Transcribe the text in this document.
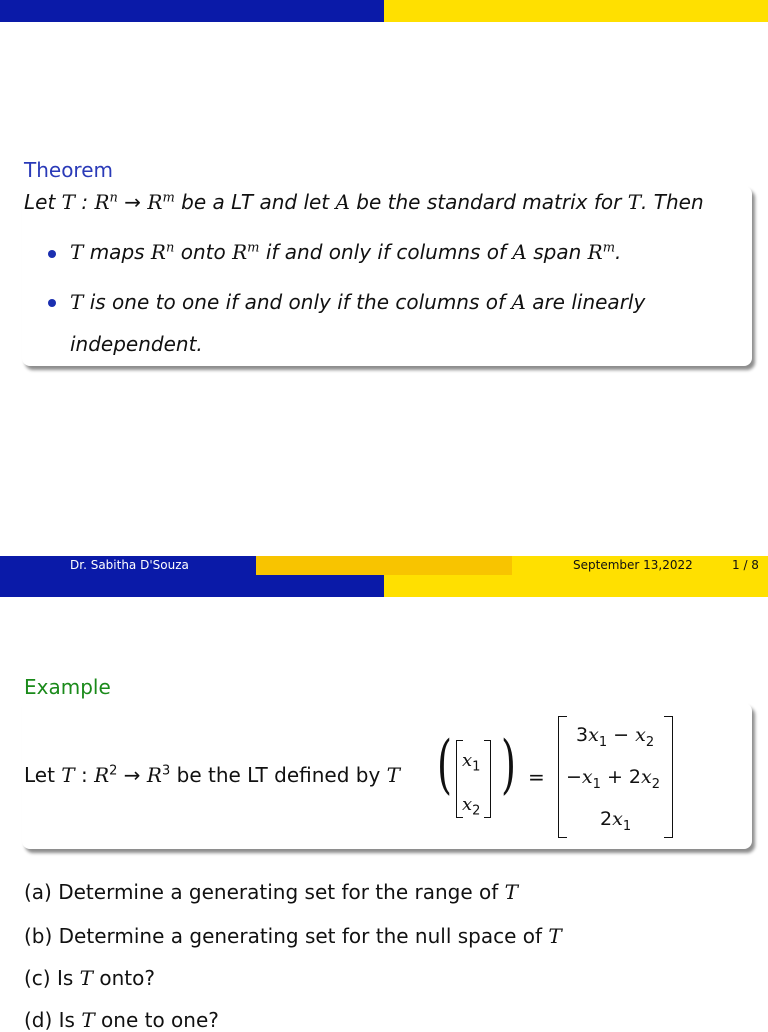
Theorem
Let T : $R^n \to R^m$ be a LT and let A be the standard matrix for T. Then
T maps $R^n$ onto $R^m$ if and only if columns of A span $R^m$.
T is one to one if and only if the columns of A are linearly
independent.
Dr. Sabitha D'Souza	September 13,2022	1 / 8
Example
Let T : $R^2 \to R^3$ be the LT defined by T ( $x_1$
$x_2$
) =
$3x_1 - x_2$
$-x_1 + 2x_2$
$2x_1$
(a) Determine a generating set for the range of T
(b) Determine a generating set for the null space of T
(c) Is T onto?
(d) Is T one to one?
